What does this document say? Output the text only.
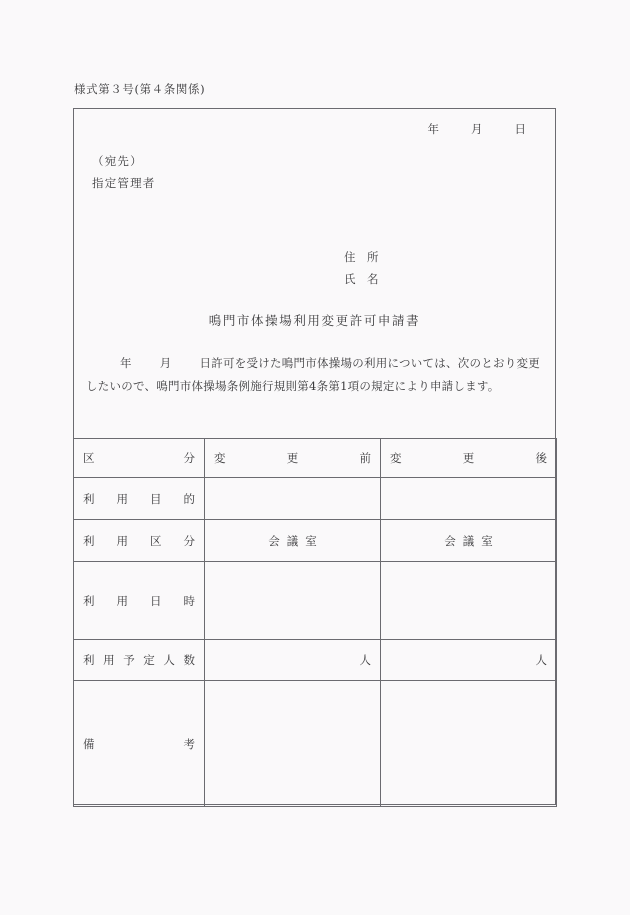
様式第３号(第４条関係)
年	月	日
（宛先）
指定管理者
住　所
氏　名
鳴門市体操場利用変更許可申請書
年 月 日許可を受けた鳴門市体操場の利用については、次のとおり変更したいので、鳴門市体操場条例施行規則第4条第1項の規定により申請します。
区 分	変 更 前	変 更 後

利 用 目 的		

利 用 区 分	会議室	会議室

利 用 日 時		

利 用 予 定 人 数	人	人

備 考		
